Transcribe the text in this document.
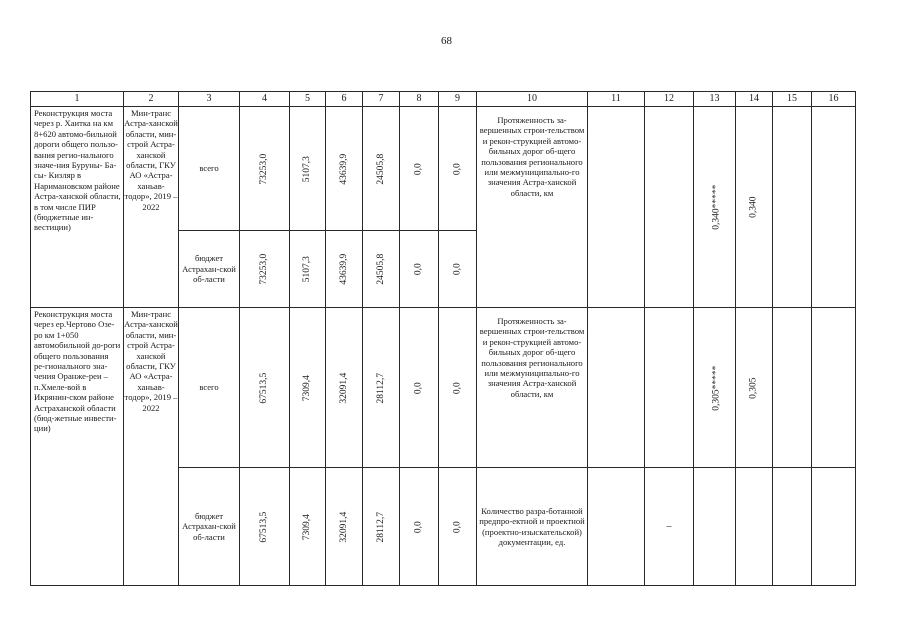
68
1	2	3	4	5	6	7	8	9	10	11	12	13	14	15	16
Реконструкция моста через р. Хаитка на км 8+620 автомо-бильной дороги общего пользо-вания регио-нального значе-ния Буруны- Ба-сы- Кизляр в Наримановском районе Астра-ханской области, в том числе ПИР (бюджетные ин-вестиции)	Мин-транс Астра-ханской области, мин-строй Астра-ханской области, ГКУ АО «Астра-ханьав-тодор», 2019 – 2022	всего	73253,0	5107,3	43639,9	24505,8	0,0	0,0	Протяженность за-вершенных строи-тельством и рекон-струкцией автомо-бильных дорог об-щего пользования регионального или межмуниципально-го значения Астра-ханской области, км			0,340*****	0,340		
		бюджет Астрахан-ской об-ласти	73253,0	5107,3	43639,9	24505,8	0,0	0,0							
Реконструкция моста через ер.Чертово Озе-ро км 1+050 автомобильной до-роги общего пользования ре-гионального зна-чения Оранже-реи – п.Хмеле-вой в Икрянин-ском районе Астраханской области (бюд-жетные инвести-ции)	Мин-транс Астра-ханской области, мин-строй Астра-ханской области, ГКУ АО «Астра-ханьав-тодор», 2019 – 2022	всего	67513,5	7309,4	32091,4	28112,7	0,0	0,0	Протяженность за-вершенных строи-тельством и рекон-струкцией автомо-бильных дорог об-щего пользования регионального или межмуниципально-го значения Астра-ханской области, км			0,305*****	0,305		
		бюджет Астрахан-ской об-ласти	67513,5	7309,4	32091,4	28112,7	0,0	0,0	Количество разра-ботанной предпро-ектной и проектной (проектно-изыскательской) документации, ед.		–				
